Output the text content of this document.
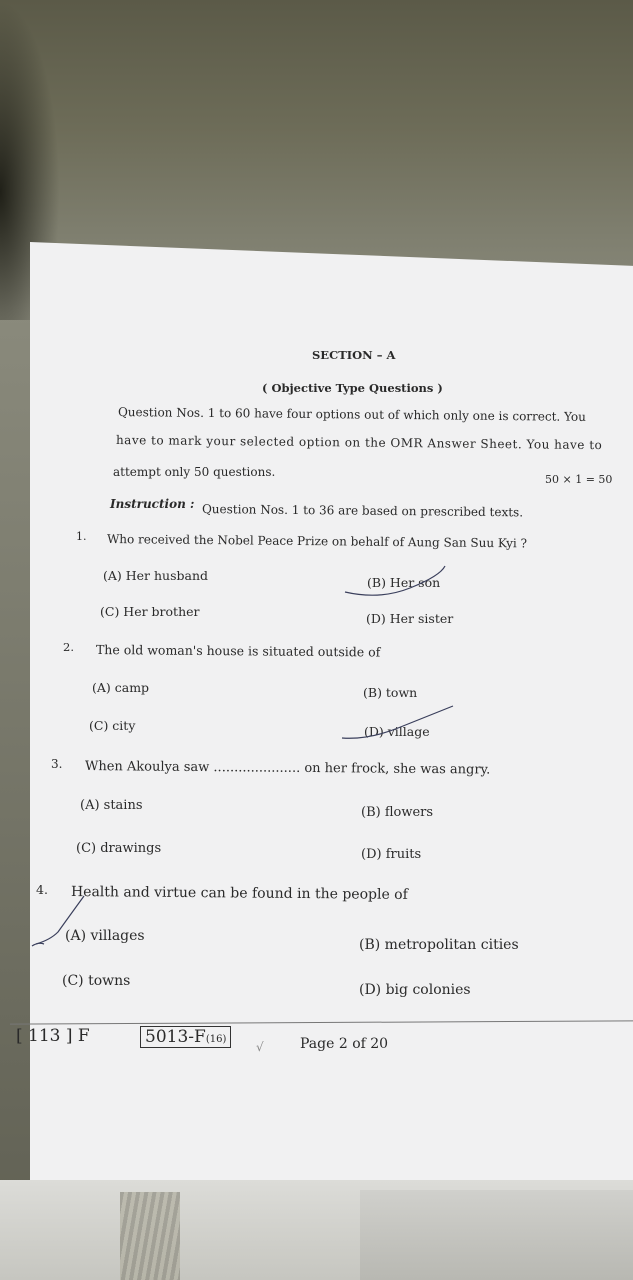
SECTION – A
( Objective Type Questions )
Question Nos. 1 to 60 have four options out of which only one is correct. You
have to mark your selected option on the OMR Answer Sheet. You have to
attempt only 50 questions.
50 × 1 = 50
Instruction : Question Nos. 1 to 36 are based on prescribed texts.
1. Who received the Nobel Peace Prize on behalf of Aung San Suu Kyi ?
(A) Her husband	(B) Her son
(C) Her brother	(D) Her sister
2. The old woman's house is situated outside of
(A) camp	(B) town
(C) city	(D) village
3. When Akoulya saw ..................... on her frock, she was angry.
(A) stains	(B) flowers
(C) drawings	(D) fruits
4. Health and virtue can be found in the people of
(A) villages
(B) metropolitan cities
(C) towns
(D) big colonies
[ 113 ] F	5013-F(16)
√	Page 2 of 20
